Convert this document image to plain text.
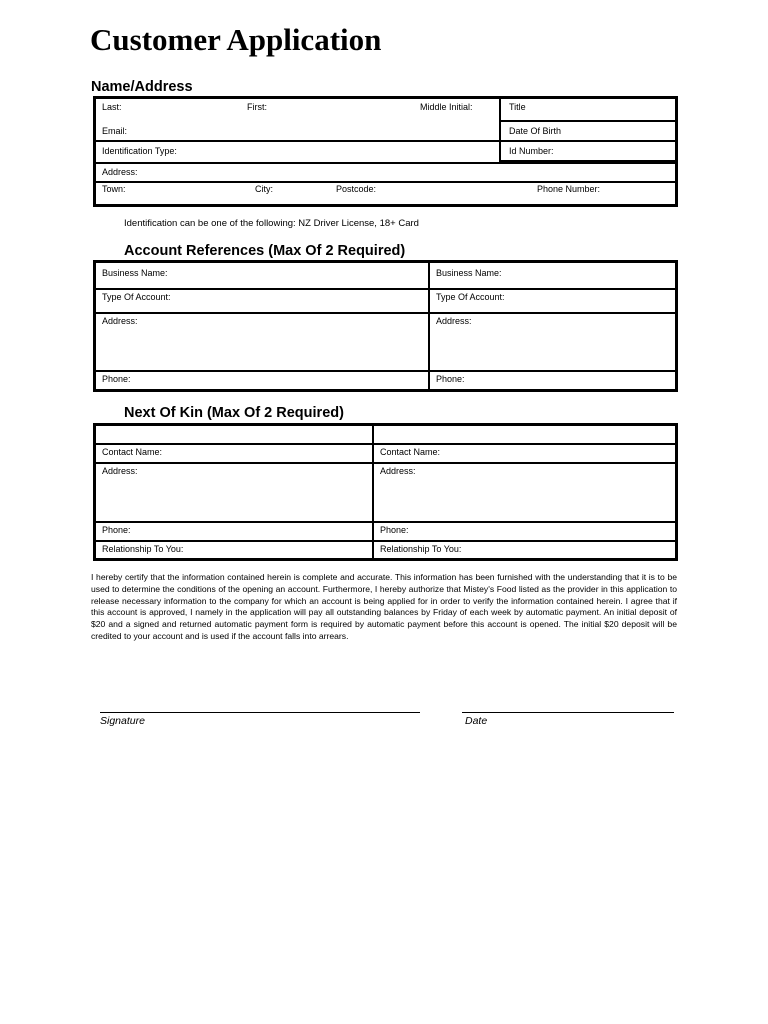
Customer Application
Name/Address
Last:	First:	Middle Initial:	Title
Email:	Date Of Birth
Identification Type:	Id Number:
Address:
Town:	City:	Postcode:	Phone Number:
Identification can be one of the following: NZ Driver License, 18+ Card
Account References (Max Of 2 Required)
Business Name:
Type Of Account:
Address:
Phone:
Business Name:
Type Of Account:
Address:
Phone:
Next Of Kin (Max Of 2 Required)
Contact Name:
Address:
Phone:
Relationship To You:
Contact Name:
Address:
Phone:
Relationship To You:
I hereby certify that the information contained herein is complete and accurate. This information has been furnished with the understanding that it is to be used to determine the conditions of the opening an account. Furthermore, I hereby authorize that Mistey's Food listed as the provider in this application to release necessary information to the company for which an account is being applied for in order to verify the information contained herein. I agree that if this account is approved, I namely in the application will pay all outstanding balances by Friday of each week by automatic payment. An initial deposit of $20 and a signed and returned automatic payment form is required by automatic payment before this account is opened. The initial $20 deposit will be credited to your account and is used if the account falls into arrears.
Signature	Date
